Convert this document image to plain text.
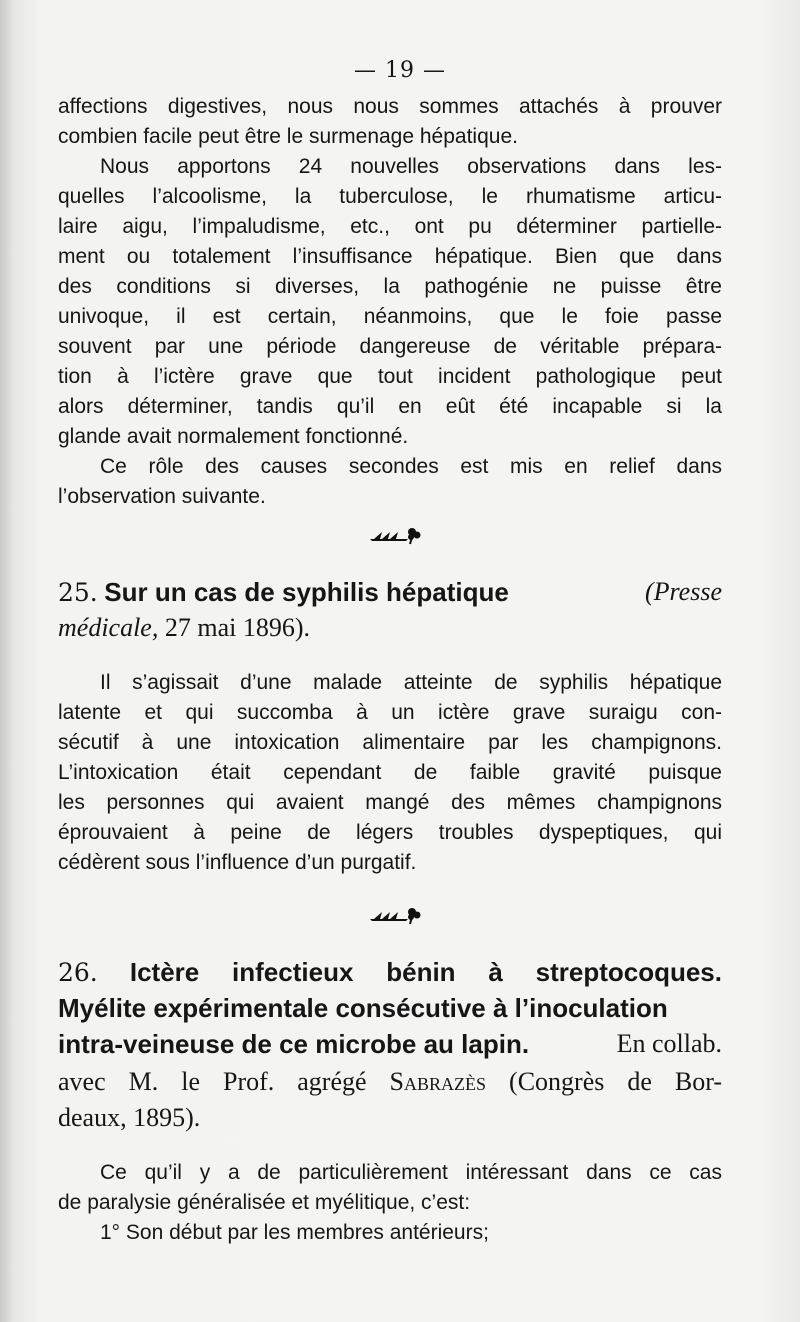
— 19 —
affections digestives, nous nous sommes attachés à prouver
combien facile peut être le surmenage hépatique.
Nous apportons 24 nouvelles observations dans les-
quelles l’alcoolisme, la tuberculose, le rhumatisme articu-
laire aigu, l’impaludisme, etc., ont pu déterminer partielle-
ment ou totalement l’insuffisance hépatique. Bien que dans
des conditions si diverses, la pathogénie ne puisse être
univoque, il est certain, néanmoins, que le foie passe
souvent par une période dangereuse de véritable prépara-
tion à l’ictère grave que tout incident pathologique peut
alors déterminer, tandis qu’il en eût été incapable si la
glande avait normalement fonctionné.
Ce rôle des causes secondes est mis en relief dans
l’observation suivante.
25. Sur un cas de syphilis hépatique	(Presse
médicale, 27 mai 1896).
Il s’agissait d’une malade atteinte de syphilis hépatique
latente et qui succomba à un ictère grave suraigu con-
sécutif à une intoxication alimentaire par les champignons.
L’intoxication était cependant de faible gravité puisque
les personnes qui avaient mangé des mêmes champignons
éprouvaient à peine de légers troubles dyspeptiques, qui
cédèrent sous l’influence d’un purgatif.
26. Ictère infectieux bénin à streptocoques.
Myélite expérimentale consécutive à l’inoculation
intra-veineuse de ce microbe au lapin.	En collab.
avec M. le Prof. agrégé Sabrazès (Congrès de Bor-
deaux, 1895).
Ce qu’il y a de particulièrement intéressant dans ce cas
de paralysie généralisée et myélitique, c’est:
1° Son début par les membres antérieurs;
